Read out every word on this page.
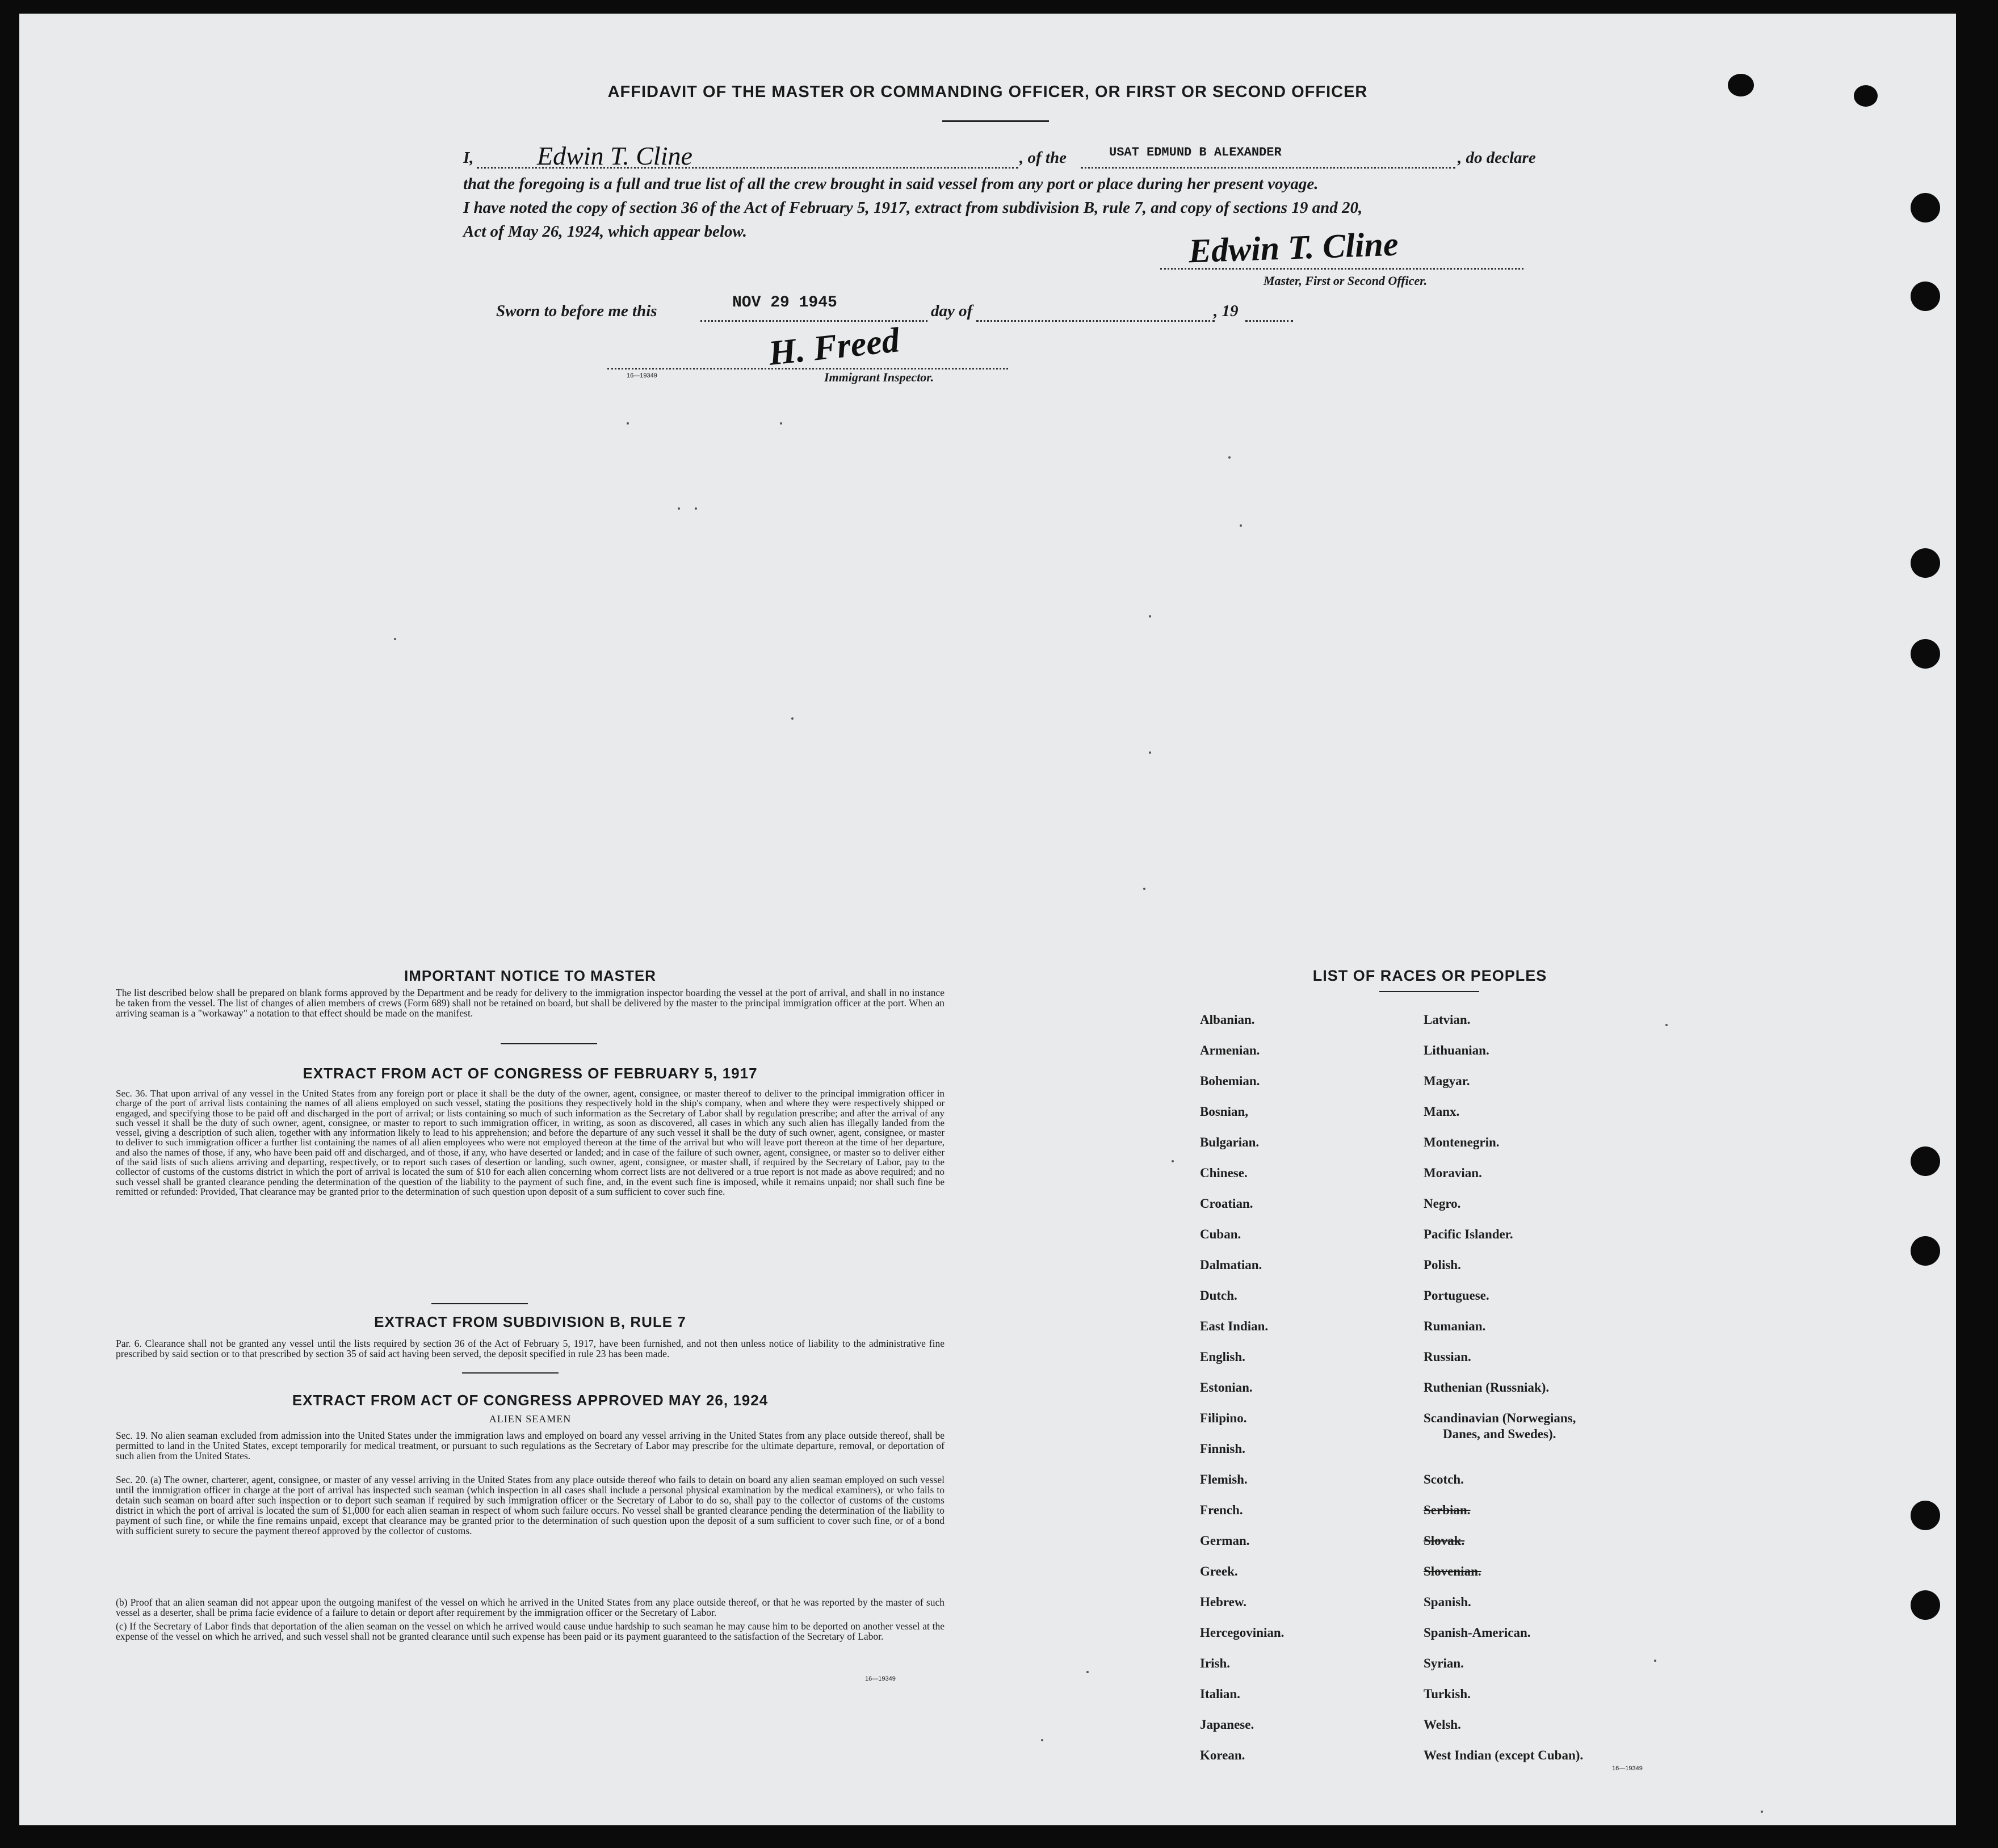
AFFIDAVIT OF THE MASTER OR COMMANDING OFFICER, OR FIRST OR SECOND OFFICER
I, Edwin T. Cline	, of the	USAT EDMUND B ALEXANDER	, do declare
that the foregoing is a full and true list of all the crew brought in said vessel from any port or place during her present voyage.
I have noted the copy of section 36 of the Act of February 5, 1917, extract from subdivision B, rule 7, and copy of sections 19 and 20,
Act of May 26, 1924, which appear below.	Edwin T. Cline
Master, First or Second Officer.
Sworn to before me this	NOV 29 1945	day of	, 19
H. Freed
16—19349	Immigrant Inspector.
IMPORTANT NOTICE TO MASTER
The list described below shall be prepared on blank forms approved by the Department and be ready for delivery to the immigration inspector boarding the vessel at the port of arrival, and shall in no instance be taken from the vessel. The list of changes of alien members of crews (Form 689) shall not be retained on board, but shall be delivered by the master to the principal immigration officer at the port. When an arriving seaman is a "workaway" a notation to that effect should be made on the manifest.
EXTRACT FROM ACT OF CONGRESS OF FEBRUARY 5, 1917
Sec. 36. That upon arrival of any vessel in the United States from any foreign port or place it shall be the duty of the owner, agent, consignee, or master thereof to deliver to the principal immigration officer in charge of the port of arrival lists containing the names of all aliens employed on such vessel, stating the positions they respectively hold in the ship's company, when and where they were respectively shipped or engaged, and specifying those to be paid off and discharged in the port of arrival; or lists containing so much of such information as the Secretary of Labor shall by regulation prescribe; and after the arrival of any such vessel it shall be the duty of such owner, agent, consignee, or master to report to such immigration officer, in writing, as soon as discovered, all cases in which any such alien has illegally landed from the vessel, giving a description of such alien, together with any information likely to lead to his apprehension; and before the departure of any such vessel it shall be the duty of such owner, agent, consignee, or master to deliver to such immigration officer a further list containing the names of all alien employees who were not employed thereon at the time of the arrival but who will leave port thereon at the time of her departure, and also the names of those, if any, who have been paid off and discharged, and of those, if any, who have deserted or landed; and in case of the failure of such owner, agent, consignee, or master so to deliver either of the said lists of such aliens arriving and departing, respectively, or to report such cases of desertion or landing, such owner, agent, consignee, or master shall, if required by the Secretary of Labor, pay to the collector of customs of the customs district in which the port of arrival is located the sum of $10 for each alien concerning whom correct lists are not delivered or a true report is not made as above required; and no such vessel shall be granted clearance pending the determination of the question of the liability to the payment of such fine, and, in the event such fine is imposed, while it remains unpaid; nor shall such fine be remitted or refunded: Provided, That clearance may be granted prior to the determination of such question upon deposit of a sum sufficient to cover such fine.
EXTRACT FROM SUBDIVISION B, RULE 7
Par. 6. Clearance shall not be granted any vessel until the lists required by section 36 of the Act of February 5, 1917, have been furnished, and not then unless notice of liability to the administrative fine prescribed by said section or to that prescribed by section 35 of said act having been served, the deposit specified in rule 23 has been made.
EXTRACT FROM ACT OF CONGRESS APPROVED MAY 26, 1924
ALIEN SEAMEN
Sec. 19. No alien seaman excluded from admission into the United States under the immigration laws and employed on board any vessel arriving in the United States from any place outside thereof, shall be permitted to land in the United States, except temporarily for medical treatment, or pursuant to such regulations as the Secretary of Labor may prescribe for the ultimate departure, removal, or deportation of such alien from the United States.
Sec. 20. (a) The owner, charterer, agent, consignee, or master of any vessel arriving in the United States from any place outside thereof who fails to detain on board any alien seaman employed on such vessel until the immigration officer in charge at the port of arrival has inspected such seaman (which inspection in all cases shall include a personal physical examination by the medical examiners), or who fails to detain such seaman on board after such inspection or to deport such seaman if required by such immigration officer or the Secretary of Labor to do so, shall pay to the collector of customs of the customs district in which the port of arrival is located the sum of $1,000 for each alien seaman in respect of whom such failure occurs. No vessel shall be granted clearance pending the determination of the liability to payment of such fine, or while the fine remains unpaid, except that clearance may be granted prior to the determination of such question upon the deposit of a sum sufficient to cover such fine, or of a bond with sufficient surety to secure the payment thereof approved by the collector of customs.
(b) Proof that an alien seaman did not appear upon the outgoing manifest of the vessel on which he arrived in the United States from any place outside thereof, or that he was reported by the master of such vessel as a deserter, shall be prima facie evidence of a failure to detain or deport after requirement by the immigration officer or the Secretary of Labor.
(c) If the Secretary of Labor finds that deportation of the alien seaman on the vessel on which he arrived would cause undue hardship to such seaman he may cause him to be deported on another vessel at the expense of the vessel on which he arrived, and such vessel shall not be granted clearance until such expense has been paid or its payment guaranteed to the satisfaction of the Secretary of Labor.
16—19349
LIST OF RACES OR PEOPLES
Albanian.
Armenian.
Bohemian.
Bosnian,
Bulgarian.
Chinese.
Croatian.
Cuban.
Dalmatian.
Dutch.
East Indian.
English.
Estonian.
Filipino.
Finnish.
Flemish.
French.
German.
Greek.
Hebrew.
Hercegovinian.
Irish.
Italian.
Japanese.
Korean.
Latvian.
Lithuanian.
Magyar.
Manx.
Montenegrin.
Moravian.
Negro.
Pacific Islander.
Polish.
Portuguese.
Rumanian.
Russian.
Ruthenian (Russniak).
Scandinavian (Norwegians,
Danes, and Swedes).
Scotch.
Serbian.
Slovak.
Slovenian.
Spanish.
Spanish-American.
Syrian.
Turkish.
Welsh.
West Indian (except Cuban).
16—19349
